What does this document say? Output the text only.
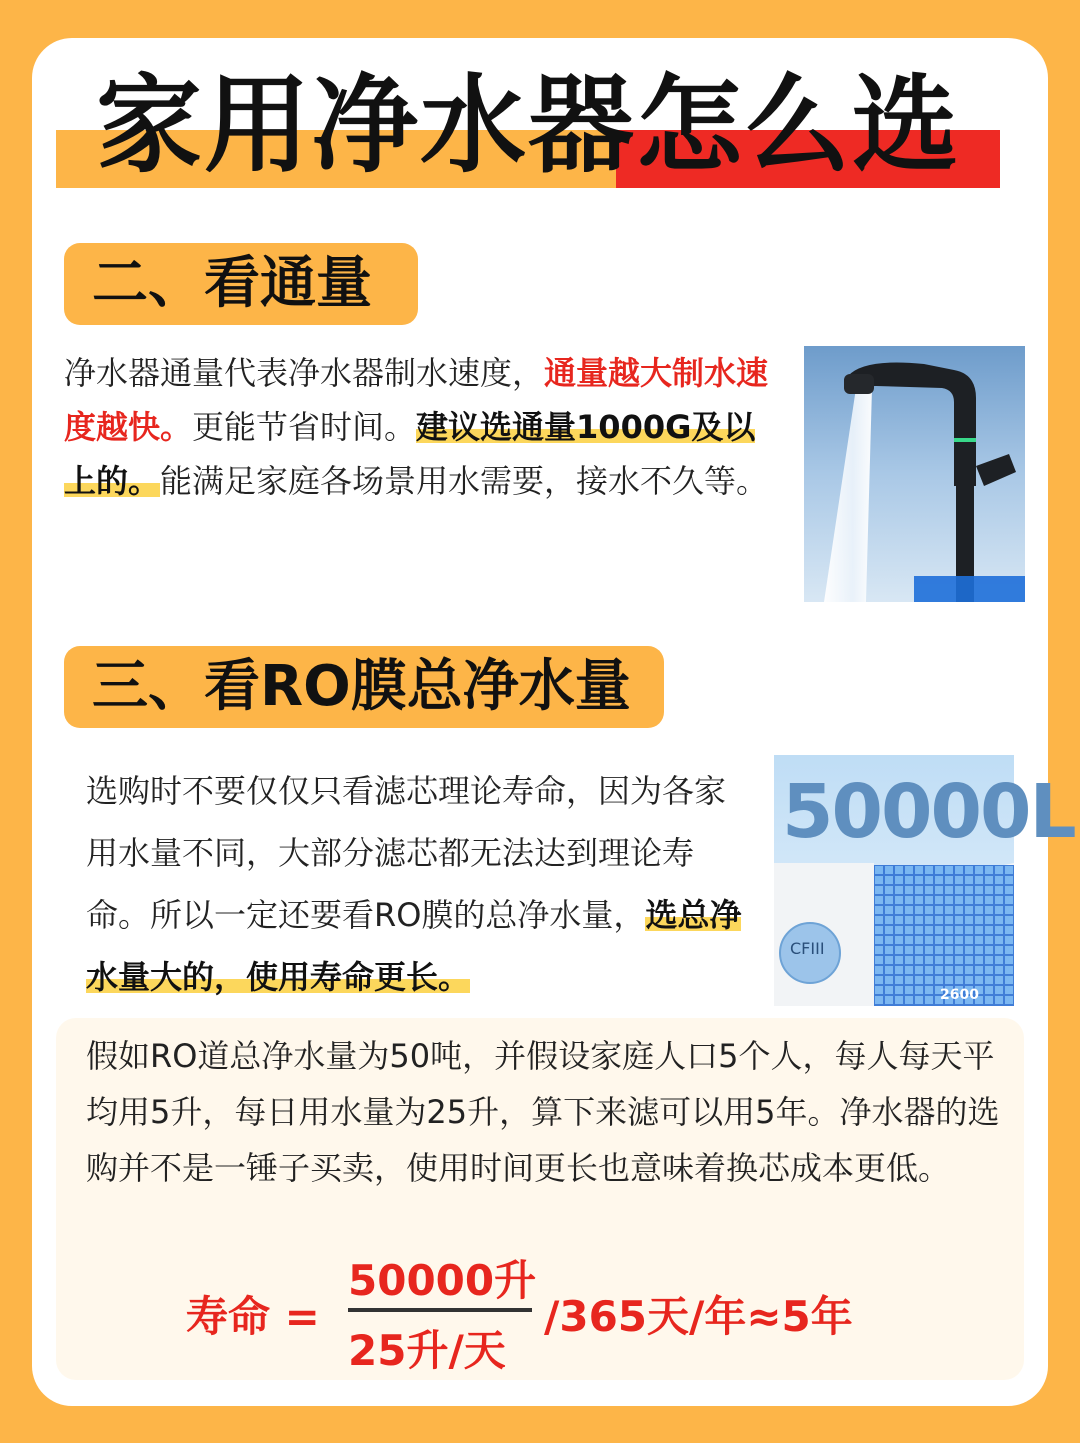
家用净水器怎么选
二、看通量
净水器通量代表净水器制水速度，通量越大制水速度越快。更能节省时间。建议选通量1000G及以上的。能满足家庭各场景用水需要，接水不久等。
三、看RO膜总净水量
选购时不要仅仅只看滤芯理论寿命，因为各家用水量不同，大部分滤芯都无法达到理论寿命。所以一定还要看RO膜的总净水量，选总净水量大的，使用寿命更长。
50000L
CFIII
2600
假如RO道总净水量为50吨，并假设家庭人口5个人，每人每天平均用5升，每日用水量为25升，算下来滤可以用5年。净水器的选购并不是一锤子买卖，使用时间更长也意味着换芯成本更低。
寿命 =
50000升
25升/天
/365天/年≈5年
